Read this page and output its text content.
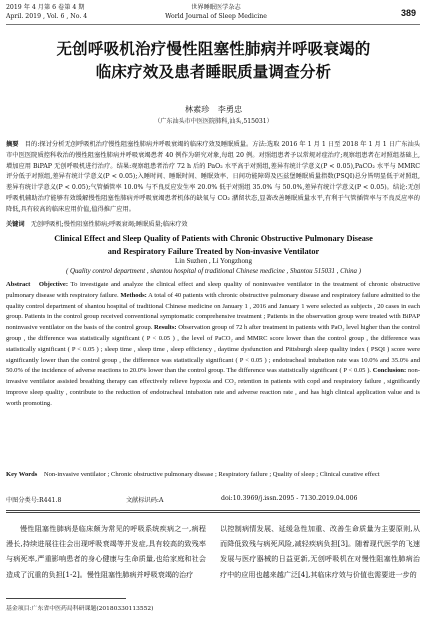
2019 年 4 月第 6 卷第 4 期
April. 2019 , Vol. 6 , No. 4
世界睡眠医学杂志
World Journal of Sleep Medicine	389
无创呼吸机治疗慢性阻塞性肺病并呼吸衰竭的
临床疗效及患者睡眠质量调查分析
林素珍　李勇忠
（广东汕头市中医医院肺科,汕头,515031）
摘要　目的:探讨分析无创呼吸机治疗慢性阻塞性肺病并呼吸衰竭的临床疗效及睡眠质量。方法:选取 2016 年 1 月 1 日至 2018 年 1 月 1 日广东汕头市中医医院质控科收治的慢性阻塞性肺病并呼吸衰竭患者 40 例作为研究对象,每组 20 例。对照组患者予以常规对症治疗;观察组患者在对照组基础上,增加应用 BiPAP 无创呼吸机进行治疗。结果:观察组患者治疗 72 h 后的 PaO₂ 水平高于对照组,差异有统计学意义(P < 0.05),PaCO₂ 水平与 MMRC 评分低于对照组,差异有统计学意义(P < 0.05);入睡时间、睡眠时间、睡眠效率、日间功能障碍及匹兹堡睡眠质量指数(PSQI)总分皆明显低于对照组,差异有统计学意义(P < 0.05);气管插管率 10.0% 与不良反应发生率 20.0% 低于对照组 35.0% 与 50.0%,差异有统计学意义(P < 0.05)。结论:无创呼吸机辅助治疗能够有效缓解慢性阻塞性肺病并呼吸衰竭患者机体的缺氧与 CO₂ 潴留状态,显著改善睡眠质量水平,有利于气管插管率与不良反应率的降低,具有较高的临床应用价值,值得推广应用。
关键词　无创呼吸机;慢性阻塞性肺病;呼吸衰竭;睡眠质量;临床疗效
Clinical Effect and Sleep Quality of Patients with Chronic Obstructive Pulmonary Disease
and Respiratory Failure Treated by Non-invasive Ventilator
Lin Suzhen , Li Yongzhong
( Quality control department , shantou hospital of traditional Chinese medicine , Shantou 515031 , China )
Abstract　Objective: To investigate and analyze the clinical effect and sleep quality of noninvasive ventilator in the treatment of chronic obstructive pulmonary disease with respiratory failure. Methods: A total of 40 patients with chronic obstructive pulmonary disease and respiratory failure admitted to the quality control department of shantou hospital of traditional Chinese medicine on January 1 , 2016 and January 1 were selected as subjects , 20 cases in each group. Patients in the control group received conventional symptomatic comprehensive treatment ; Patients in the observation group were treated with BiPAP noninvasive ventilator on the basis of the control group. Results: Observation group of 72 h after treatment in patients with PaO₂ level higher than the control group , the difference was statistically significant ( P < 0.05 ) , the level of PaCO₂ and MMRC score lower than the control group , the difference was statistically significant ( P < 0.05 ) ; sleep time , sleep time , sleep efficiency , daytime dysfunction and Pittsburgh sleep quality index ( PSQI ) score were significantly lower than the control group , the difference was statistically significant ( P < 0.05 ) ; endotracheal intubation rate was 10.0% and 35.0% and 50.0% of the incidence of adverse reactions to 20.0% lower than the control group. The difference was statistically significant ( P < 0.05 ). Conclusion: non-invasive ventilator assisted breathing therapy can effectively relieve hypoxia and CO₂ retention in patients with copd and respiratory failure , significantly improve sleep quality , contribute to the reduction of endotracheal intubation rate and adverse reaction rate , and has high clinical application value and is worth promoting.
Key Words　Non-invasive ventilator ; Chronic obstructive pulmonary disease ; Respiratory failure ; Quality of sleep ; Clinical curative effect
中图分类号:R441.8	文献标识码:A	doi:10.3969/j.issn.2095 - 7130.2019.04.006
慢性阻塞性肺病是临床颇为常见的呼吸系统疾病之一,病程漫长,持续进展往往会出现呼吸衰竭等并发症,具有较高的致残率与病死率,严重影响患者的身心健康与生命质量,也给家庭和社会造成了沉重的负担[1-2]。慢性阻塞性肺病并呼吸衰竭的治疗
以控制病情发展、延缓急性加重、改善生命质量为主要原则,从而降低致残与病死风险,减轻疾病负担[3]。随着现代医学的飞速发展与医疗器械的日益更新,无创呼吸机在对慢性阻塞性肺病治疗中的应用也越来越广泛[4],其临床疗效与价值也需要进一步的
基金项目:广东省中医药局科研课题(20180330113552)
